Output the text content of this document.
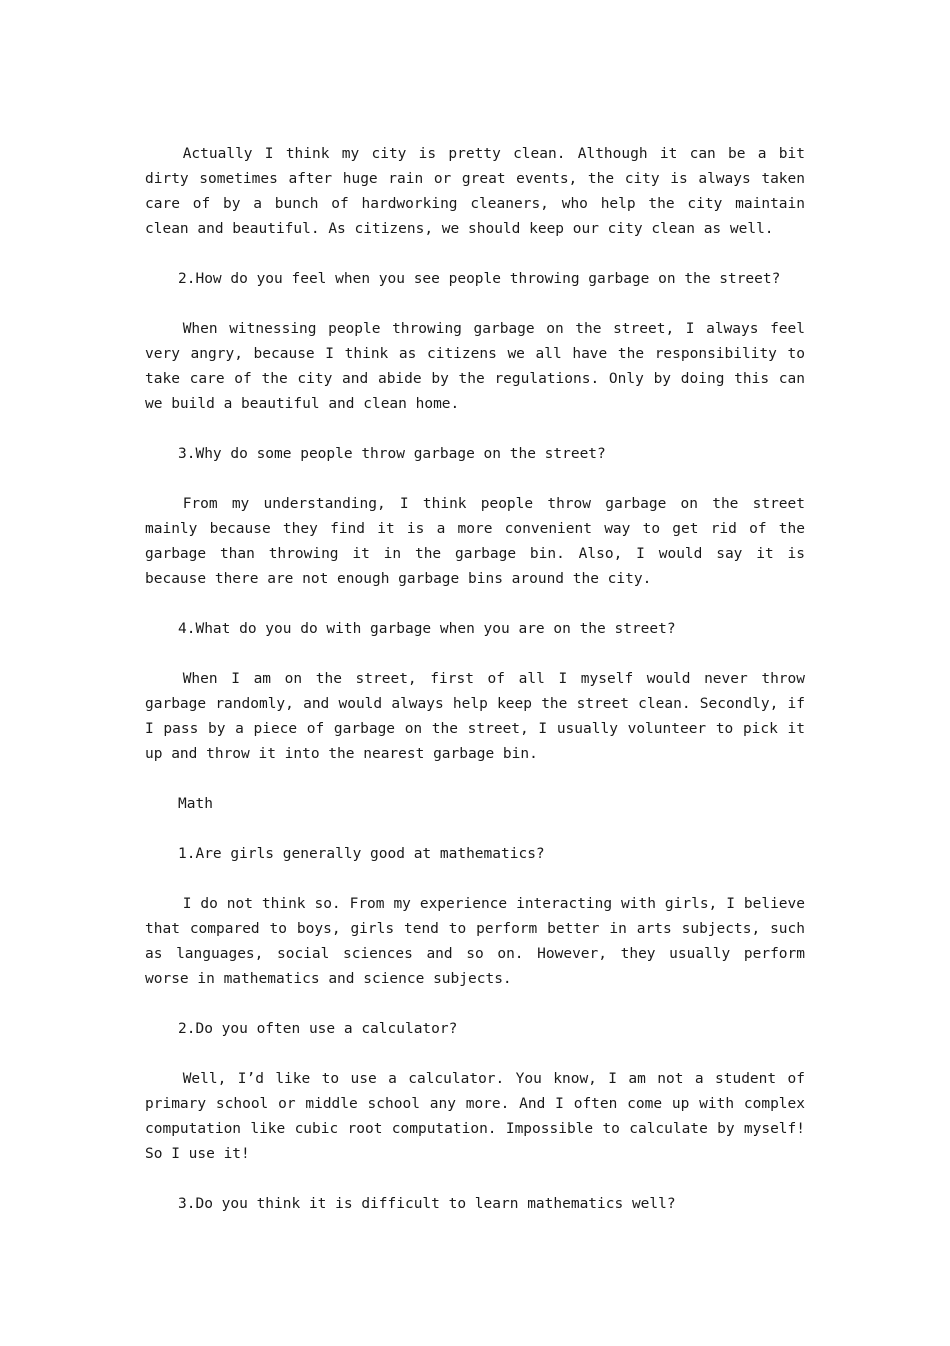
Actually I think my city is pretty clean. Although it can be a bit dirty sometimes after huge rain or great events, the city is always taken care of by a bunch of hardworking cleaners, who help the city maintain clean and beautiful. As citizens, we should keep our city clean as well.

2.How do you feel when you see people throwing garbage on the street?

When witnessing people throwing garbage on the street, I always feel very angry, because I think as citizens we all have the responsibility to take care of the city and abide by the regulations. Only by doing this can we build a beautiful and clean home.

3.Why do some people throw garbage on the street?

From my understanding, I think people throw garbage on the street mainly because they find it is a more convenient way to get rid of the garbage than throwing it in the garbage bin. Also, I would say it is because there are not enough garbage bins around the city.

4.What do you do with garbage when you are on the street?

When I am on the street, first of all I myself would never throw garbage randomly, and would always help keep the street clean. Secondly, if I pass by a piece of garbage on the street, I usually volunteer to pick it up and throw it into the nearest garbage bin.

Math

1.Are girls generally good at mathematics?

I do not think so. From my experience interacting with girls, I believe that compared to boys, girls tend to perform better in arts subjects, such as languages, social sciences and so on. However, they usually perform worse in mathematics and science subjects.

2.Do you often use a calculator?

Well, I’d like to use a calculator. You know, I am not a student of primary school or middle school any more. And I often come up with complex computation like cubic root computation. Impossible to calculate by myself! So I use it!

3.Do you think it is difficult to learn mathematics well?
